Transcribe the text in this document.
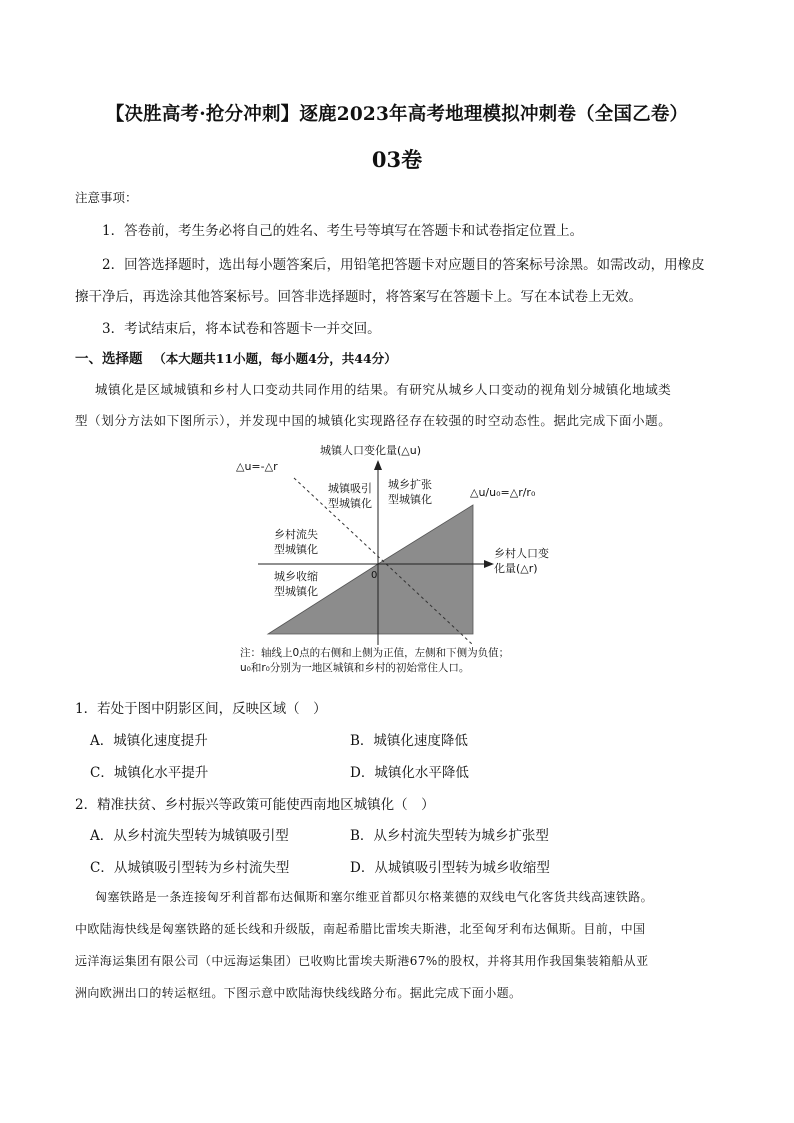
【决胜高考·抢分冲刺】逐鹿2023年高考地理模拟冲刺卷（全国乙卷）
03卷
注意事项：
1．答卷前，考生务必将自己的姓名、考生号等填写在答题卡和试卷指定位置上。
2．回答选择题时，选出每小题答案后，用铅笔把答题卡对应题目的答案标号涂黑。如需改动，用橡皮
擦干净后，再选涂其他答案标号。回答非选择题时，将答案写在答题卡上。写在本试卷上无效。
3．考试结束后，将本试卷和答题卡一并交回。
一、选择题 （本大题共11小题，每小题4分，共44分）
城镇化是区域城镇和乡村人口变动共同作用的结果。有研究从城乡人口变动的视角划分城镇化地域类
型（划分方法如下图所示），并发现中国的城镇化实现路径存在较强的时空动态性。据此完成下面小题。
城镇人口变化量(△u)
△u=-△r
△u/u₀=△r/r₀
城镇吸引
型城镇化
城乡扩张
型城镇化
乡村流失
型城镇化
城乡收缩
型城镇化
0
乡村人口变
化量(△r)
注：轴线上0点的右侧和上侧为正值，左侧和下侧为负值；
u₀和r₀分别为一地区城镇和乡村的初始常住人口。
1．若处于图中阴影区间，反映区域（　）
A．城镇化速度提升	B．城镇化速度降低
C．城镇化水平提升	D．城镇化水平降低
2．精准扶贫、乡村振兴等政策可能使西南地区城镇化（　）
A．从乡村流失型转为城镇吸引型	B．从乡村流失型转为城乡扩张型
C．从城镇吸引型转为乡村流失型	D．从城镇吸引型转为城乡收缩型
匈塞铁路是一条连接匈牙利首都布达佩斯和塞尔维亚首都贝尔格莱德的双线电气化客货共线高速铁路。
中欧陆海快线是匈塞铁路的延长线和升级版，南起希腊比雷埃夫斯港，北至匈牙利布达佩斯。目前，中国
远洋海运集团有限公司（中远海运集团）已收购比雷埃夫斯港67%的股权，并将其用作我国集装箱船从亚
洲向欧洲出口的转运枢纽。下图示意中欧陆海快线线路分布。据此完成下面小题。
